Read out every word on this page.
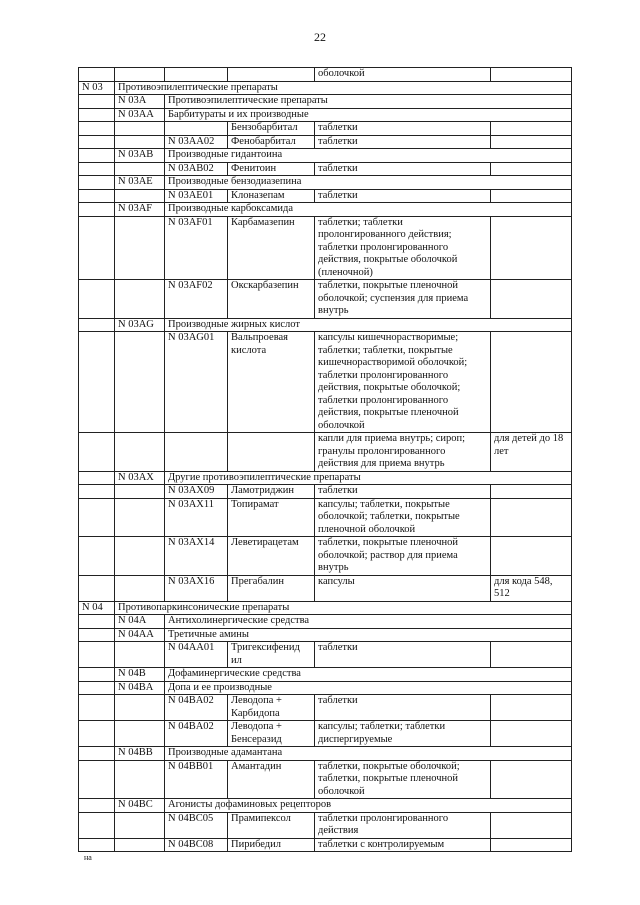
22
				оболочкой	
N 03	Противоэпилептические препараты				
	N 03A	Противоэпилептические препараты			
	N 03AA	Барбитураты и их производные			
			Бензобарбитал	таблетки	
		N 03AA02	Фенобарбитал	таблетки	
	N 03AB	Производные гидантоина			
		N 03AB02	Фенитоин	таблетки	
	N 03AE	Производные бензодиазепина			
		N 03AE01	Клоназепам	таблетки	
	N 03AF	Производные карбоксамида			
		N 03AF01	Карбамазепин	таблетки; таблетки пролонгированного действия; таблетки пролонгированного действия, покрытые оболочкой (пленочной)	
		N 03AF02	Окскарбазепин	таблетки, покрытые пленочной оболочкой; суспензия для приема внутрь	
	N 03AG	Производные жирных кислот			
		N 03AG01	Вальпроевая кислота	капсулы кишечнорастворимые; таблетки; таблетки, покрытые кишечнорастворимой оболочкой; таблетки пролонгированного действия, покрытые оболочкой; таблетки пролонгированного действия, покрытые пленочной оболочкой	
				капли для приема внутрь; сироп; гранулы пролонгированного действия для приема внутрь	для детей до 18 лет
	N 03AX	Другие противоэпилептические препараты			
		N 03AX09	Ламотриджин	таблетки	
		N 03AX11	Топирамат	капсулы; таблетки, покрытые оболочкой; таблетки, покрытые пленочной оболочкой	
		N 03AX14	Леветирацетам	таблетки, покрытые пленочной оболочкой; раствор для приема внутрь	
		N 03AX16	Прегабалин	капсулы	для кода 548, 512
N 04	Противопаркинсонические препараты				
	N 04A	Антихолинергические средства			
	N 04AA	Третичные амины			
		N 04AA01	Тригексифенид ил	таблетки	
	N 04B	Дофаминергические средства			
	N 04BA	Допа и ее производные			
		N 04BA02	Леводопа + Карбидопа	таблетки	
		N 04BA02	Леводопа + Бенсеразид	капсулы; таблетки; таблетки диспергируемые	
	N 04BB	Производные адамантана			
		N 04BB01	Амантадин	таблетки, покрытые оболочкой; таблетки, покрытые пленочной оболочкой	
	N 04BC	Агонисты дофаминовых рецепторов			
		N 04BC05	Прамипексол	таблетки пролонгированного действия	
		N 04BC08	Пирибедил	таблетки с контролируемым	
на
